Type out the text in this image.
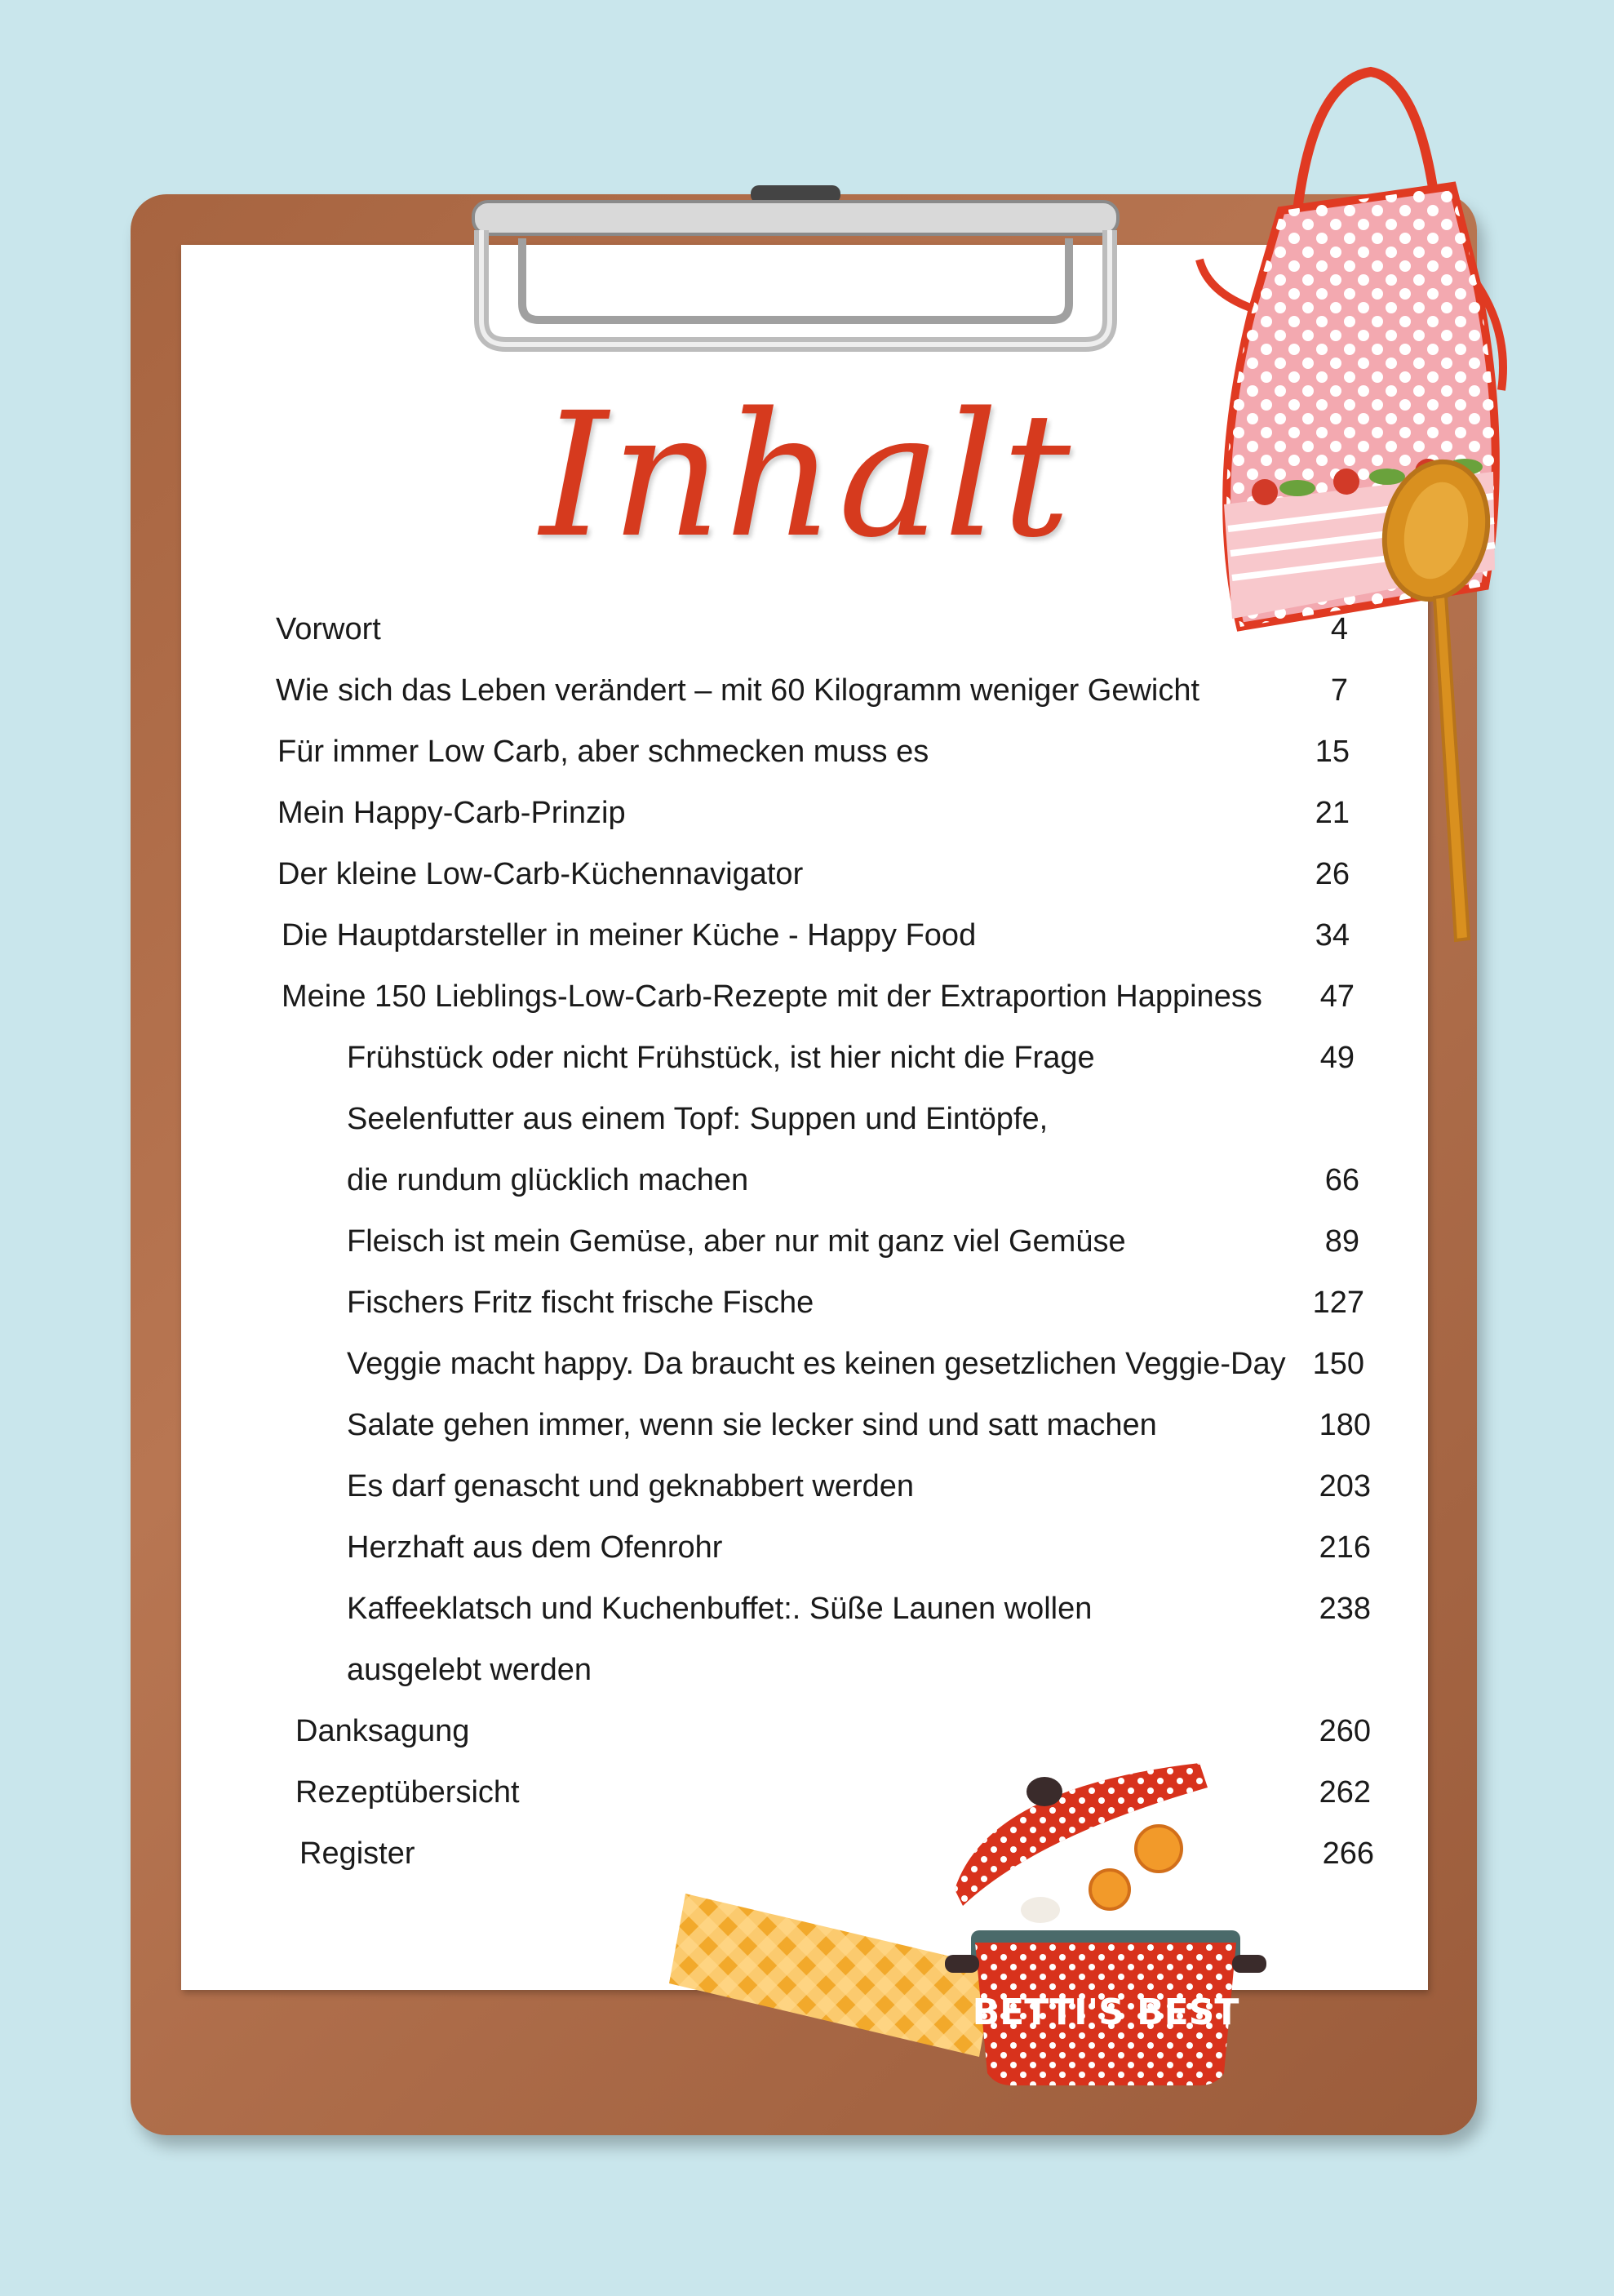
BETTI'S BEST
Inhalt
Vorwort	4
Wie sich das Leben verändert – mit 60 Kilogramm weniger Gewicht	7
Für immer Low Carb, aber schmecken muss es	15
Mein Happy-Carb-Prinzip	21
Der kleine Low-Carb-Küchennavigator	26
Die Hauptdarsteller in meiner Küche - Happy Food	34
Meine 150 Lieblings-Low-Carb-Rezepte mit der Extraportion Happiness	47
Frühstück oder nicht Frühstück, ist hier nicht die Frage	49
Seelenfutter aus einem Topf: Suppen und Eintöpfe,
die rundum glücklich machen	66
Fleisch ist mein Gemüse, aber nur mit ganz viel Gemüse	89
Fischers Fritz fischt frische Fische	127
Veggie macht happy. Da braucht es keinen gesetzlichen Veggie-Day 150
Salate gehen immer, wenn sie lecker sind und satt machen	180
Es darf genascht und geknabbert werden	203
Herzhaft aus dem Ofenrohr	216
Kaffeeklatsch und Kuchenbuffet:. Süße Launen wollen	238
ausgelebt werden
Danksagung	260
Rezeptübersicht	262
Register	266
